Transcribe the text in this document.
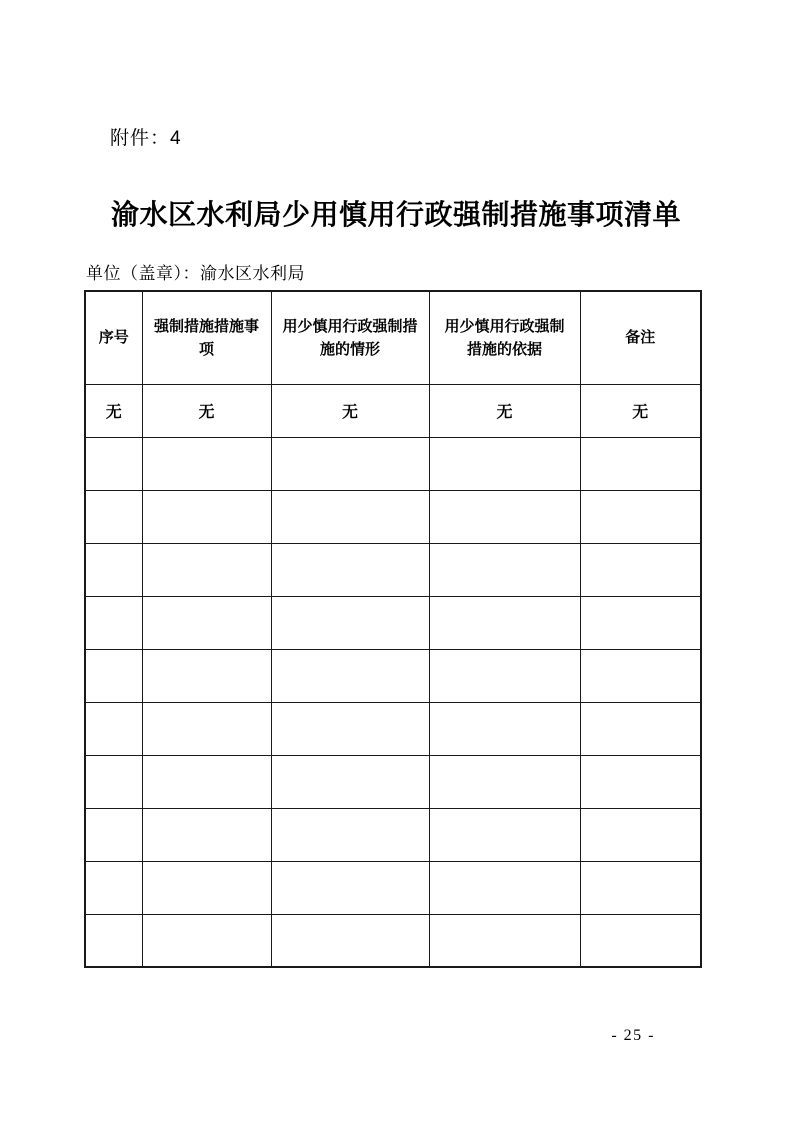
附件：4
渝水区水利局少用慎用行政强制措施事项清单
单位（盖章）：渝水区水利局
序号	强制措施措施事项	用少慎用行政强制措施的情形	用少慎用行政强制措施的依据	备注
无	无	无	无	无

- 25 -
